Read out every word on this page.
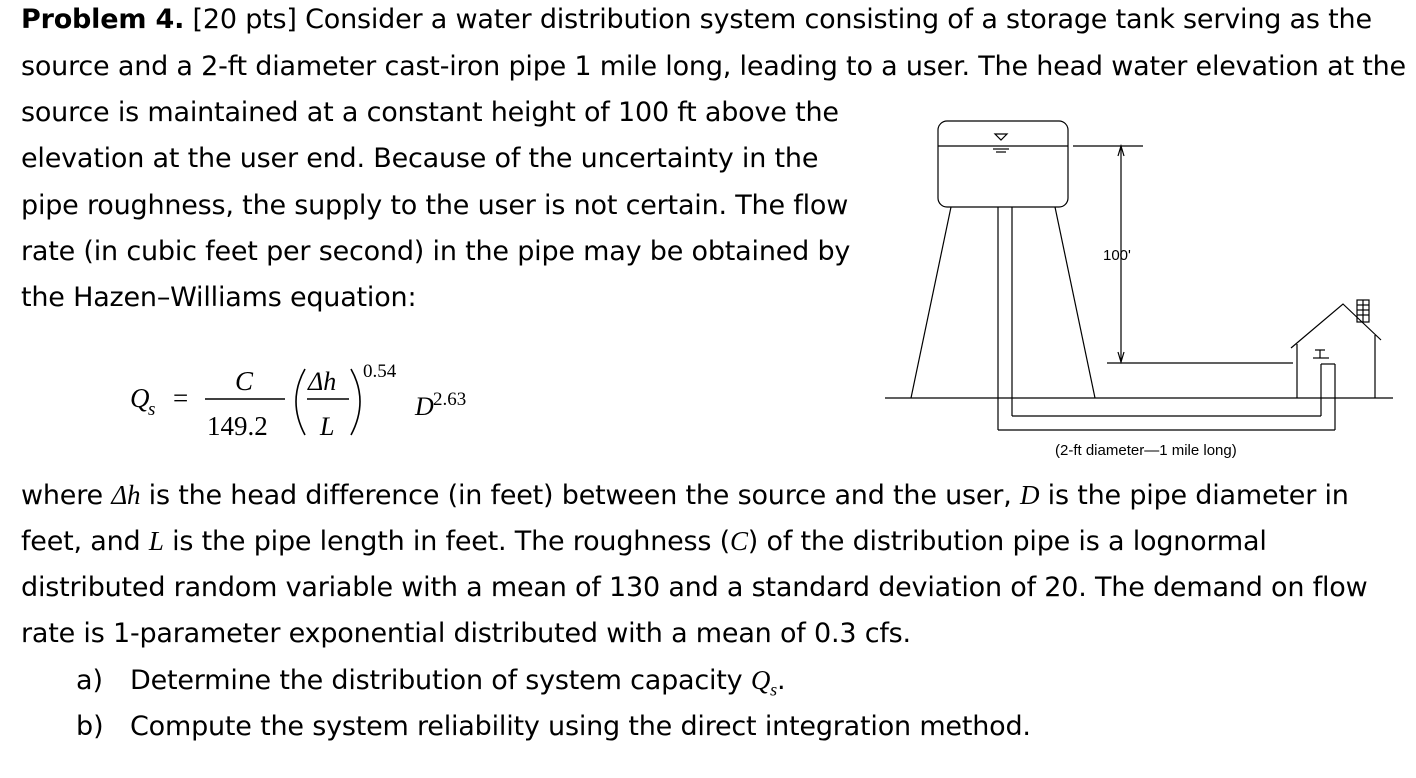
Problem 4. [20 pts] Consider a water distribution system consisting of a storage tank serving as the
source and a 2-ft diameter cast-iron pipe 1 mile long, leading to a user. The head water elevation at the
source is maintained at a constant height of 100 ft above the
elevation at the user end. Because of the uncertainty in the
pipe roughness, the supply to the user is not certain. The flow
rate (in cubic feet per second) in the pipe may be obtained by
the Hazen–Williams equation:
Q
s =
C
149.2
Δh
L
0.54
D 2.63
100'
(2-ft diameter—1 mile long)
where Δh is the head difference (in feet) between the source and the user, D is the pipe diameter in
feet, and L is the pipe length in feet. The roughness (C) of the distribution pipe is a lognormal
distributed random variable with a mean of 130 and a standard deviation of 20. The demand on flow
rate is 1-parameter exponential distributed with a mean of 0.3 cfs.
a) Determine the distribution of system capacity $Q_s$.
b) Compute the system reliability using the direct integration method.
